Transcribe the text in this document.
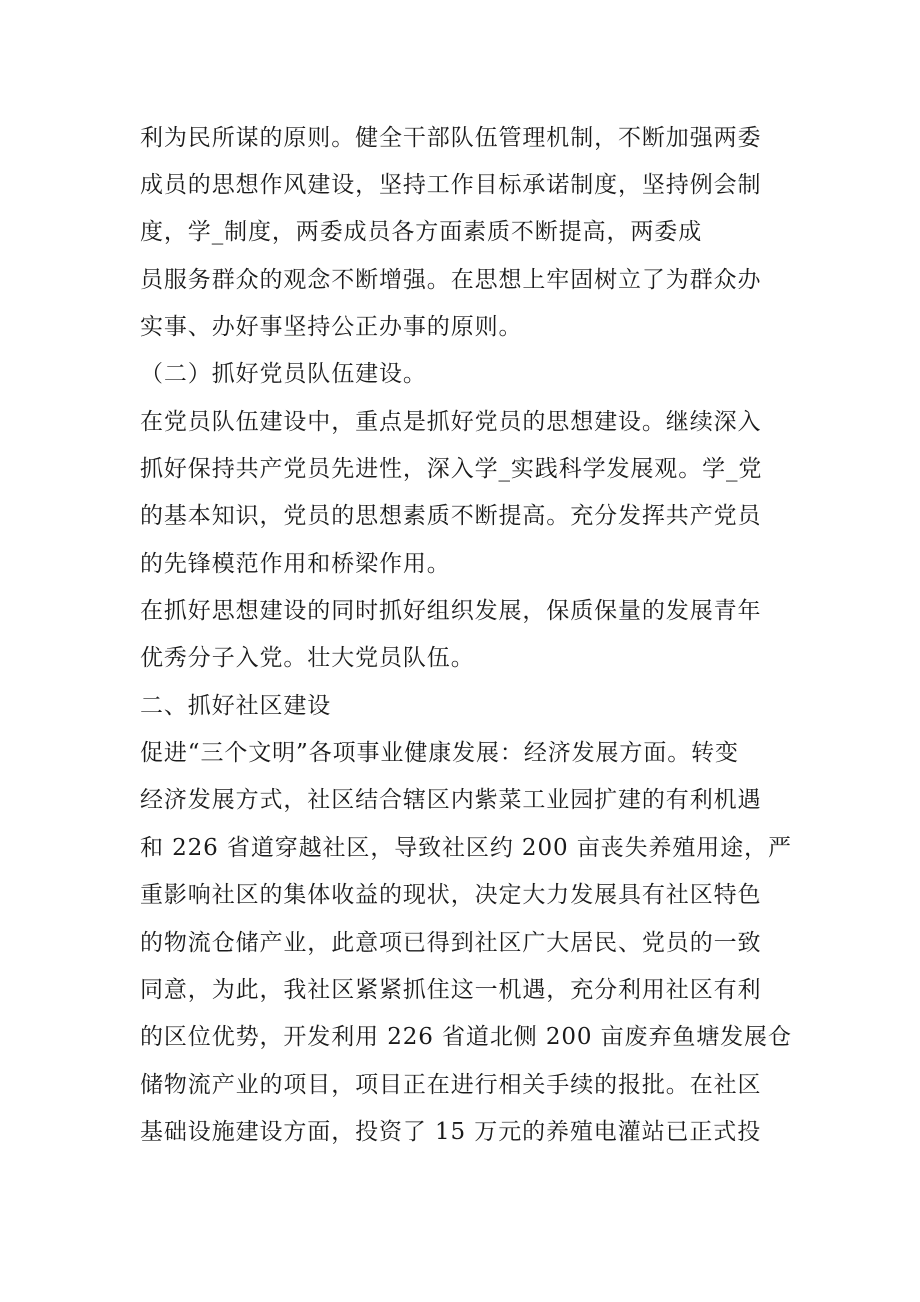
利为民所谋的原则。健全干部队伍管理机制，不断加强两委
成员的思想作风建设，坚持工作目标承诺制度，坚持例会制
度，学_制度，两委成员各方面素质不断提高，两委成
员服务群众的观念不断增强。在思想上牢固树立了为群众办
实事、办好事坚持公正办事的原则。
（二）抓好党员队伍建设。
在党员队伍建设中，重点是抓好党员的思想建设。继续深入
抓好保持共产党员先进性，深入学_实践科学发展观。学_党
的基本知识，党员的思想素质不断提高。充分发挥共产党员
的先锋模范作用和桥梁作用。
在抓好思想建设的同时抓好组织发展，保质保量的发展青年
优秀分子入党。壮大党员队伍。
二、抓好社区建设
促进“三个文明”各项事业健康发展：经济发展方面。转变
经济发展方式，社区结合辖区内紫菜工业园扩建的有利机遇
和 226 省道穿越社区，导致社区约 200 亩丧失养殖用途，严
重影响社区的集体收益的现状，决定大力发展具有社区特色
的物流仓储产业，此意项已得到社区广大居民、党员的一致
同意，为此，我社区紧紧抓住这一机遇，充分利用社区有利
的区位优势，开发利用 226 省道北侧 200 亩废弃鱼塘发展仓
储物流产业的项目，项目正在进行相关手续的报批。在社区
基础设施建设方面，投资了 15 万元的养殖电灌站已正式投
